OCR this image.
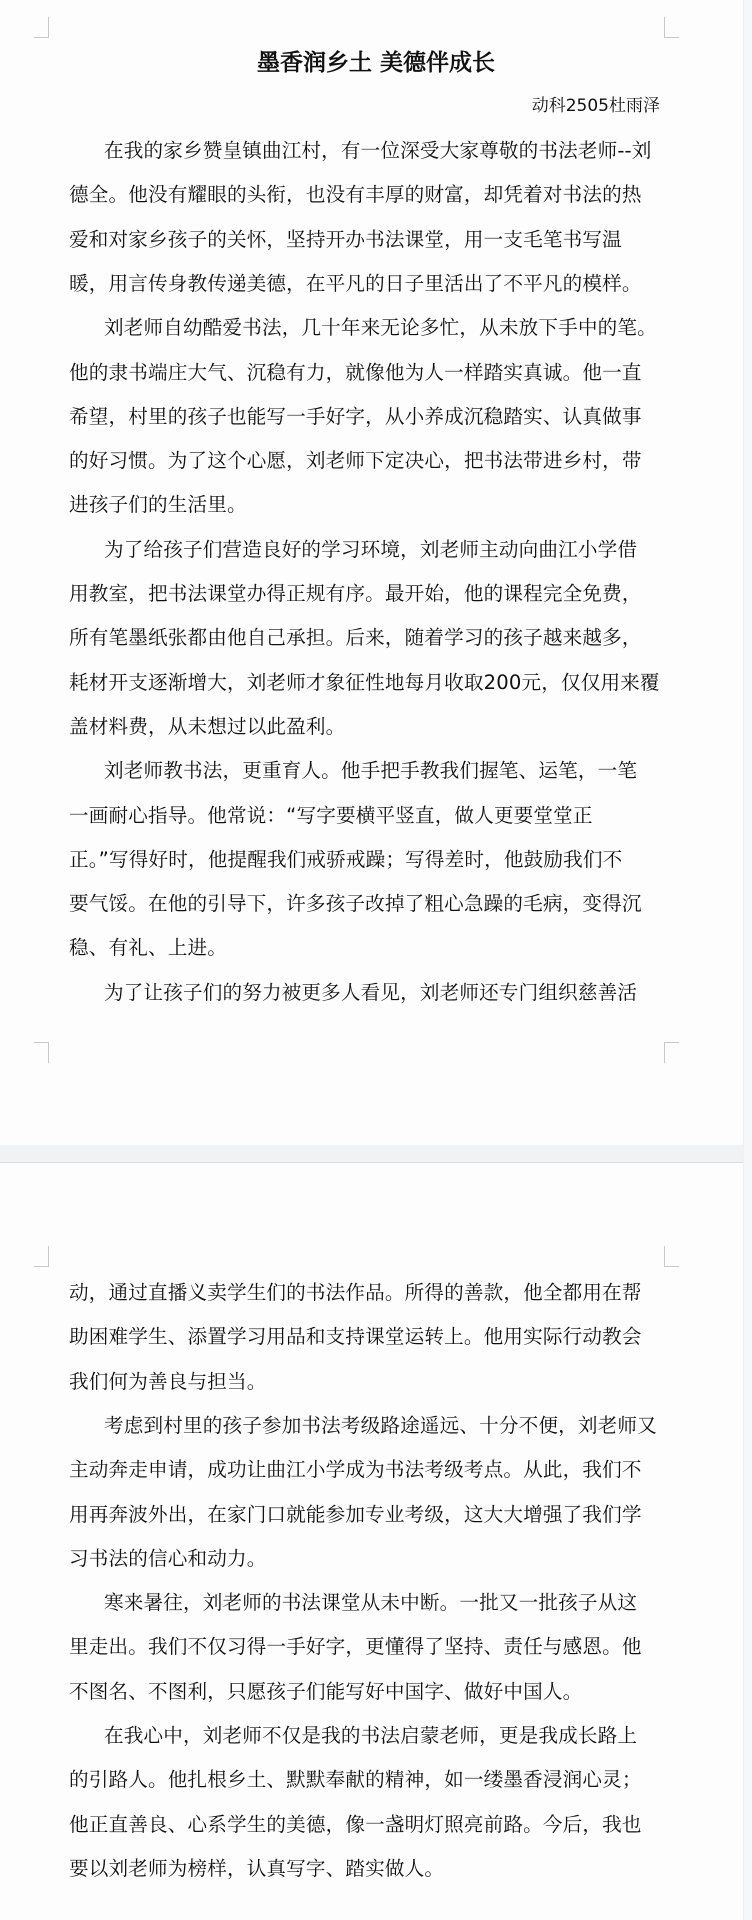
墨香润乡土 美德伴成长
动科2505杜雨泽
在我的家乡赞皇镇曲江村，有一位深受大家尊敬的书法老师--刘
德全。他没有耀眼的头衔，也没有丰厚的财富，却凭着对书法的热
爱和对家乡孩子的关怀，坚持开办书法课堂，用一支毛笔书写温
暖，用言传身教传递美德，在平凡的日子里活出了不平凡的模样。
刘老师自幼酷爱书法，几十年来无论多忙，从未放下手中的笔。
他的隶书端庄大气、沉稳有力，就像他为人一样踏实真诚。他一直
希望，村里的孩子也能写一手好字，从小养成沉稳踏实、认真做事
的好习惯。为了这个心愿，刘老师下定决心，把书法带进乡村，带
进孩子们的生活里。
为了给孩子们营造良好的学习环境，刘老师主动向曲江小学借
用教室，把书法课堂办得正规有序。最开始，他的课程完全免费，
所有笔墨纸张都由他自己承担。后来，随着学习的孩子越来越多，
耗材开支逐渐增大，刘老师才象征性地每月收取200元，仅仅用来覆
盖材料费，从未想过以此盈利。
刘老师教书法，更重育人。他手把手教我们握笔、运笔，一笔
一画耐心指导。他常说：“写字要横平竖直，做人更要堂堂正
正。”写得好时，他提醒我们戒骄戒躁；写得差时，他鼓励我们不
要气馁。在他的引导下，许多孩子改掉了粗心急躁的毛病，变得沉
稳、有礼、上进。
为了让孩子们的努力被更多人看见，刘老师还专门组织慈善活
动，通过直播义卖学生们的书法作品。所得的善款，他全都用在帮
助困难学生、添置学习用品和支持课堂运转上。他用实际行动教会
我们何为善良与担当。
考虑到村里的孩子参加书法考级路途遥远、十分不便，刘老师又
主动奔走申请，成功让曲江小学成为书法考级考点。从此，我们不
用再奔波外出，在家门口就能参加专业考级，这大大增强了我们学
习书法的信心和动力。
寒来暑往，刘老师的书法课堂从未中断。一批又一批孩子从这
里走出。我们不仅习得一手好字，更懂得了坚持、责任与感恩。他
不图名、不图利，只愿孩子们能写好中国字、做好中国人。
在我心中，刘老师不仅是我的书法启蒙老师，更是我成长路上
的引路人。他扎根乡土、默默奉献的精神，如一缕墨香浸润心灵；
他正直善良、心系学生的美德，像一盏明灯照亮前路。今后，我也
要以刘老师为榜样，认真写字、踏实做人。
